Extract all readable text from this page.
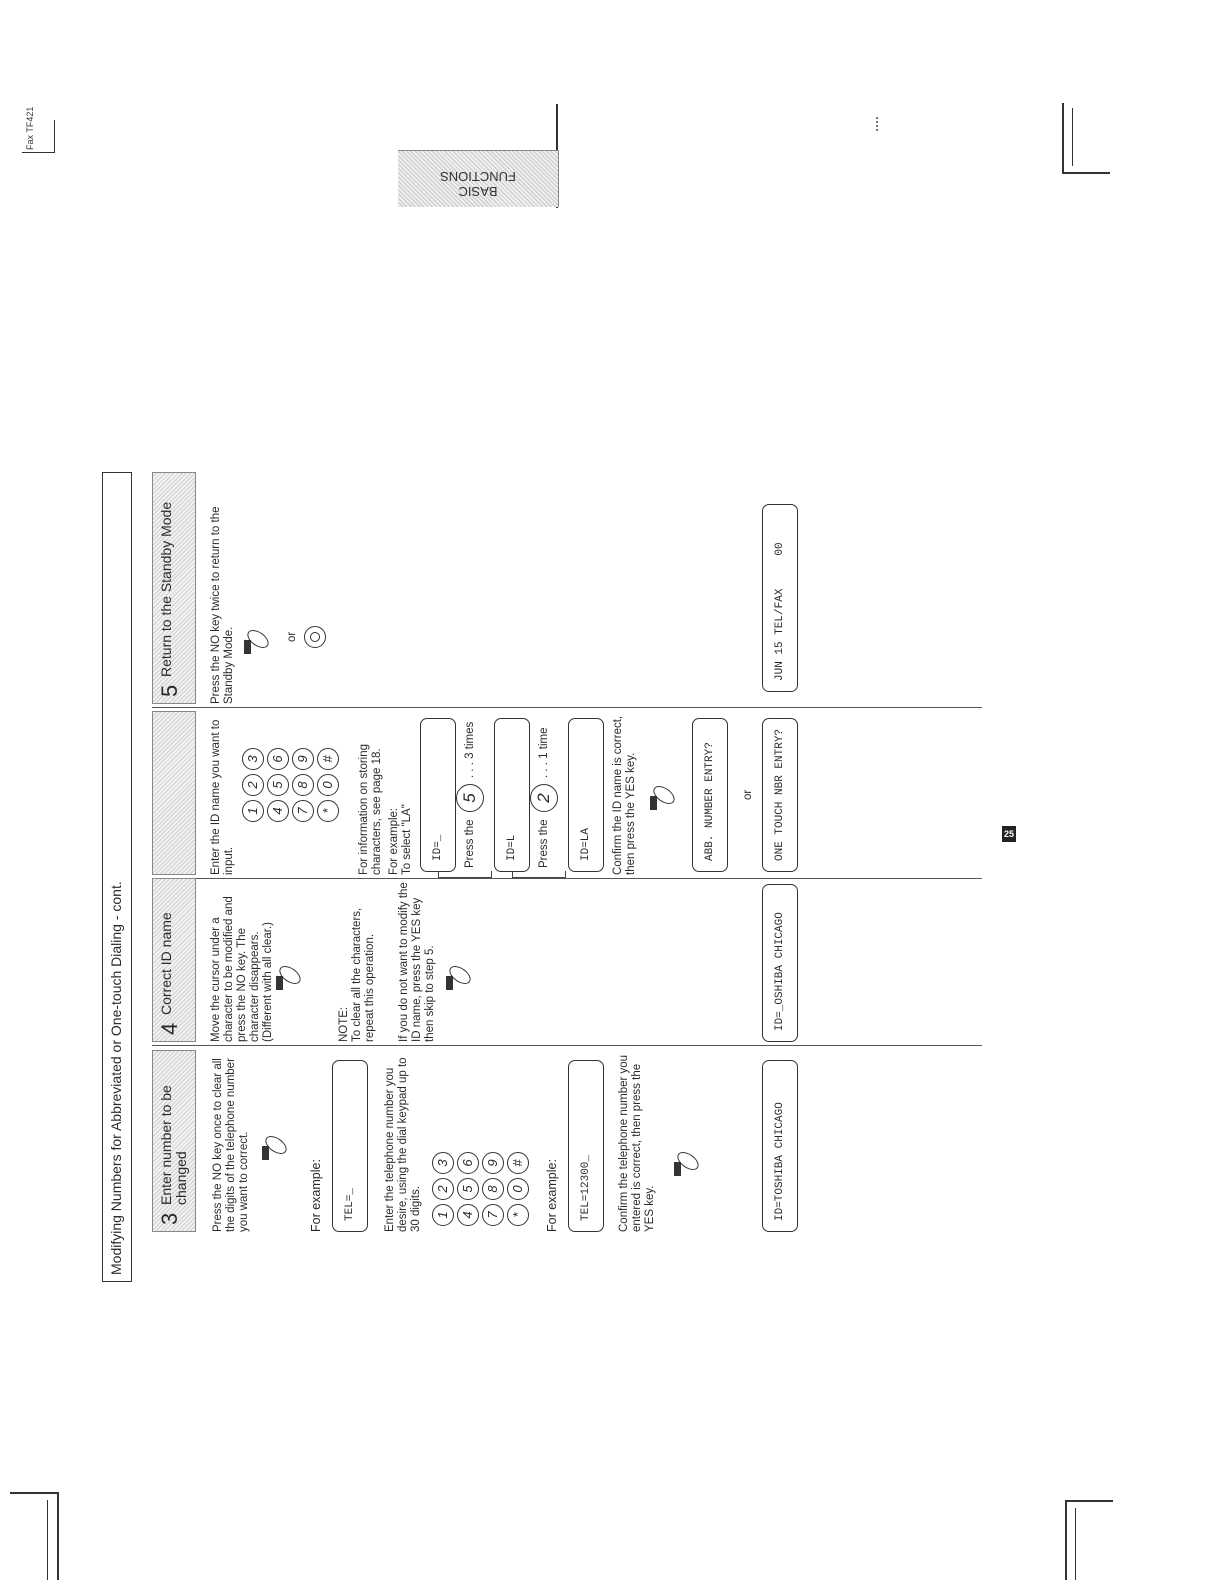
Fax TF421
BASIC FUNCTIONS
25
Modifying Numbers for Abbreviated or One-touch Dialing - cont.	3
Enter number to be changed	Press the NO key once to clear all the digits of the telephone number you want to correct.	For example:	TEL=_	Enter the telephone number you desire, using the dial keypad up to 30 digits. 1
2
3
4
5
6
7
8
9
*
0
#	For example:	TEL=12300_	Confirm the telephone number you entered is correct, then press the YES key.	ID=TOSHIBA CHICAGO
4
Correct ID name	Move the cursor under a character to be modified and press the NO key. The character disappears. (Different with all clear.)	NOTE: To clear all the characters, repeat this operation. If you do not want to modify the ID name, press the YES key then skip to step 5.	ID=_OSHIBA CHICAGO
Enter the ID name you want to input.
1
2
3
4
5
6
7
8
9
*
0
#	For information on storing characters, see page 18. For example: To select "LA"	ID=_	Press the
5
. . . 3 times
ID=L	Press the
2
. . . 1 time
ID=LA	Confirm the ID name is correct, then press the YES key.	ABB. NUMBER ENTRY?	or	ONE TOUCH NBR ENTRY?
5
Return to the Standby Mode	Press the NO key twice to return to the Standby Mode.	or	JUN 15 TEL/FAX     00
